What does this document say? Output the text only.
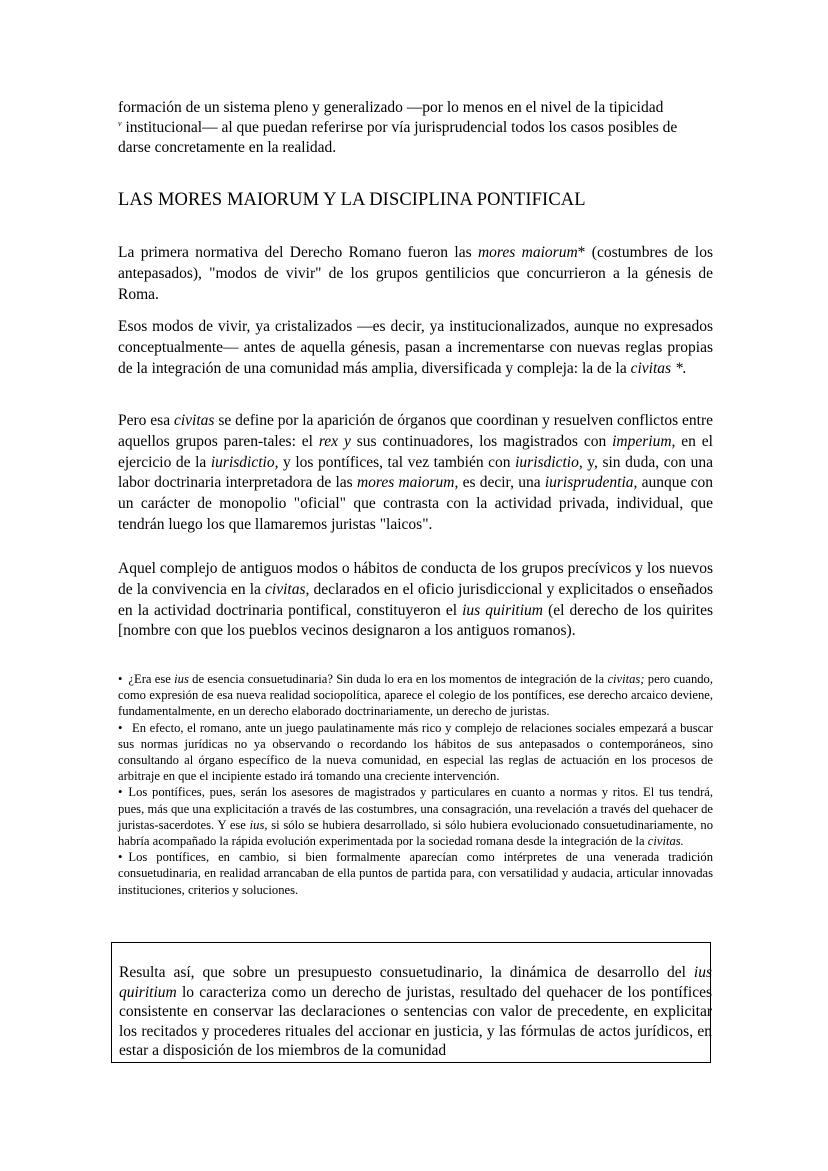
formación de un sistema pleno y generalizado —por lo menos en el nivel de la tipicidad
$^v$ institucional— al que puedan referirse por vía jurisprudencial todos los casos posibles de darse concretamente en la realidad.

LAS MORES MAIORUM Y LA DISCIPLINA PONTIFICAL

La primera normativa del Derecho Romano fueron las mores maiorum* (costumbres de los antepasados), "modos de vivir" de los grupos gentilicios que concurrieron a la génesis de Roma.

Esos modos de vivir, ya cristalizados —es decir, ya institucionalizados, aunque no expresados conceptualmente— antes de aquella génesis, pasan a incrementarse con nuevas reglas propias de la integración de una comunidad más amplia, diversificada y compleja: la de la civitas *.

Pero esa civitas se define por la aparición de órganos que coordinan y resuelven conflictos entre aquellos grupos paren-tales: el rex y sus continuadores, los magistrados con imperium, en el ejercicio de la iurisdictio, y los pontífices, tal vez también con iurisdictio, y, sin duda, con una labor doctrinaria interpretadora de las mores maiorum, es decir, una iurisprudentia, aunque con un carácter de monopolio "oficial" que contrasta con la actividad privada, individual, que tendrán luego los que llamaremos juristas "laicos".

Aquel complejo de antiguos modos o hábitos de conducta de los grupos precívicos y los nuevos de la convivencia en la civitas, declarados en el oficio jurisdiccional y explicitados o enseñados en la actividad doctrinaria pontifical, constituyeron el ius quiritium (el derecho de los quirites [nombre con que los pueblos vecinos designaron a los antiguos romanos).

• ¿Era ese ius de esencia consuetudinaria? Sin duda lo era en los momentos de integración de la civitas; pero cuando, como expresión de esa nueva realidad sociopolítica, aparece el colegio de los pontífices, ese derecho arcaico deviene, fundamentalmente, en un derecho elaborado doctrinariamente, un derecho de juristas.

• En efecto, el romano, ante un juego paulatinamente más rico y complejo de relaciones sociales empezará a buscar sus normas jurídicas no ya observando o recordando los hábitos de sus antepasados o contemporáneos, sino consultando al órgano específico de la nueva comunidad, en especial las reglas de actuación en los procesos de arbitraje en que el incipiente estado irá tomando una creciente intervención.

• Los pontífices, pues, serán los asesores de magistrados y particulares en cuanto a normas y ritos. El tus tendrá, pues, más que una explicitación a través de las costumbres, una consagración, una revelación a través del quehacer de juristas-sacerdotes. Y ese ius, si sólo se hubiera desarrollado, si sólo hubiera evolucionado consuetudinariamente, no habría acompañado la rápida evolución experimentada por la sociedad romana desde la integración de la civitas.

• Los pontífices, en cambio, si bien formalmente aparecían como intérpretes de una venerada tradición consuetudinaria, en realidad arrancaban de ella puntos de partida para, con versatilidad y audacia, articular innovadas instituciones, criterios y soluciones.

Resulta así, que sobre un presupuesto consuetudinario, la dinámica de desarrollo del ius quiritium lo caracteriza como un derecho de juristas, resultado del quehacer de los pontífices consistente en conservar las declaraciones o sentencias con valor de precedente, en explicitar los recitados y procederes rituales del accionar en justicia, y las fórmulas de actos jurídicos, en estar a disposición de los miembros de la comunidad
